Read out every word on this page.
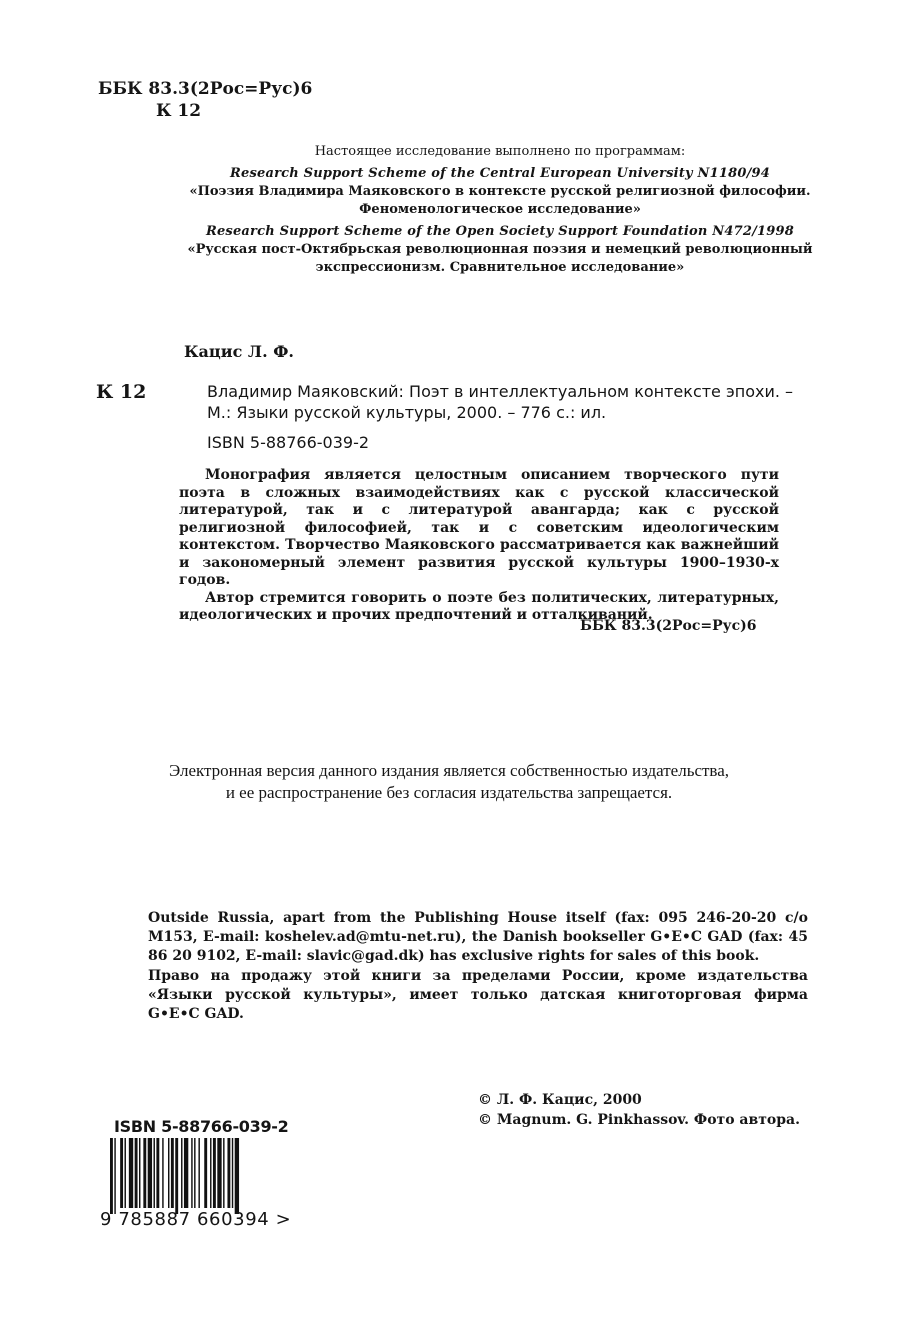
ББК 83.3(2Рос=Рус)6
К 12
Настоящее исследование выполнено по программам:
Research Support Scheme of the Central European University N1180/94
«Поэзия Владимира Маяковского в контексте русской религиозной философии.
Феноменологическое исследование»
Research Support Scheme of the Open Society Support Foundation N472/1998
«Русская пост-Октябрьская революционная поэзия и немецкий революционный
экспрессионизм. Сравнительное исследование»
Кацис Л. Ф.
К 12	Владимир Маяковский: Поэт в интеллектуальном контексте эпохи. –
М.: Языки русской культуры, 2000. – 776 с.: ил.
ISBN 5-88766-039-2

Монография является целостным описанием творческого пути поэта в сложных взаимодействиях как с русской классической литературой, так и с литературой авангарда; как с русской религиозной философией, так и с советским идеологическим контекстом. Творчество Маяковского рассматривается как важнейший и закономерный элемент развития русской культуры 1900–1930-х годов.

Автор стремится говорить о поэте без политических, литературных, идеологических и прочих предпочтений и отталкиваний.

ББК 83.3(2Рос=Рус)6
Электронная версия данного издания является собственностью издательства,
и ее распространение без согласия издательства запрещается.
Outside Russia, apart from the Publishing House itself (fax: 095 246-20-20 c/o M153, E-mail: koshelev.ad@mtu-net.ru), the Danish bookseller G•E•C GAD (fax: 45 86 20 9102, E-mail: slavic@gad.dk) has exclusive rights for sales of this book.
Право на продажу этой книги за пределами России, кроме издательства «Языки русской культуры», имеет только датская книготорговая фирма G•E•C GAD.
© Л. Ф. Кацис, 2000
© Magnum. G. Pinkhassov. Фото автора.
ISBN 5-88766-039-2
9 785887 660394 >
